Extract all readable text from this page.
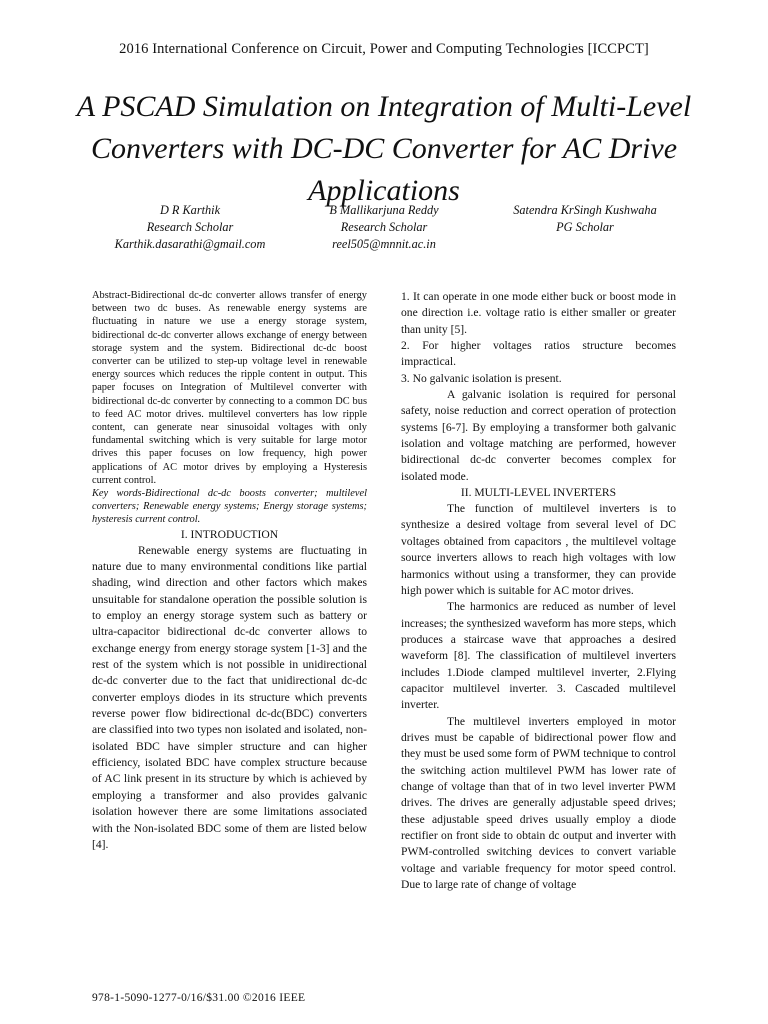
2016 International Conference on Circuit, Power and Computing Technologies [ICCPCT]
A PSCAD Simulation on Integration of Multi-Level Converters with DC-DC Converter for AC Drive Applications
D R Karthik
Research Scholar
Karthik.dasarathi@gmail.com
B Mallikarjuna Reddy
Research Scholar
reel505@mnnit.ac.in
Satendra KrSingh Kushwaha
PG Scholar

Abstract-Bidirectional dc-dc converter allows transfer of energy between two dc buses. As renewable energy systems are fluctuating in nature we use a energy storage system, bidirectional dc-dc converter allows exchange of energy between storage system and the system. Bidirectional dc-dc boost converter can be utilized to step-up voltage level in renewable energy sources which reduces the ripple content in output. This paper focuses on Integration of Multilevel converter with bidirectional dc-dc converter by connecting to a common DC bus to feed AC motor drives. multilevel converters has low ripple content, can generate near sinusoidal voltages with only fundamental switching which is very suitable for large motor drives this paper focuses on low frequency, high power applications of AC motor drives by employing a Hysteresis current control.

Key words-Bidirectional dc-dc boosts converter; multilevel converters; Renewable energy systems; Energy storage systems; hysteresis current control.

I. INTRODUCTION

Renewable energy systems are fluctuating in nature due to many environmental conditions like partial shading, wind direction and other factors which makes unsuitable for standalone operation the possible solution is to employ an energy storage system such as battery or ultra-capacitor bidirectional dc-dc converter allows to exchange energy from energy storage system [1-3] and the rest of the system which is not possible in unidirectional dc-dc converter due to the fact that unidirectional dc-dc converter employs diodes in its structure which prevents reverse power flow bidirectional dc-dc(BDC) converters are classified into two types non isolated and isolated, non-isolated BDC have simpler structure and can higher efficiency, isolated BDC have complex structure because of AC link present in its structure by which is achieved by employing a transformer and also provides galvanic isolation however there are some limitations associated with the Non-isolated BDC some of them are listed below [4].

1. It can operate in one mode either buck or boost mode in one direction i.e. voltage ratio is either smaller or greater than unity [5].

2. For higher voltages ratios structure becomes impractical.

3. No galvanic isolation is present.

A galvanic isolation is required for personal safety, noise reduction and correct operation of protection systems [6-7]. By employing a transformer both galvanic isolation and voltage matching are performed, however bidirectional dc-dc converter becomes complex for isolated mode.

II. MULTI-LEVEL INVERTERS

The function of multilevel inverters is to synthesize a desired voltage from several level of DC voltages obtained from capacitors , the multilevel voltage source inverters allows to reach high voltages with low harmonics without using a transformer, they can provide high power which is suitable for AC motor drives.

The harmonics are reduced as number of level increases; the synthesized waveform has more steps, which produces a staircase wave that approaches a desired waveform [8]. The classification of multilevel inverters includes 1.Diode clamped multilevel inverter, 2.Flying capacitor multilevel inverter. 3. Cascaded multilevel inverter.

The multilevel inverters employed in motor drives must be capable of bidirectional power flow and they must be used some form of PWM technique to control the switching action multilevel PWM has lower rate of change of voltage than that of in two level inverter PWM drives. The drives are generally adjustable speed drives; these adjustable speed drives usually employ a diode rectifier on front side to obtain dc output and inverter with PWM-controlled switching devices to convert variable voltage and variable frequency for motor speed control. Due to large rate of change of voltage

978-1-5090-1277-0/16/$31.00 ©2016 IEEE
